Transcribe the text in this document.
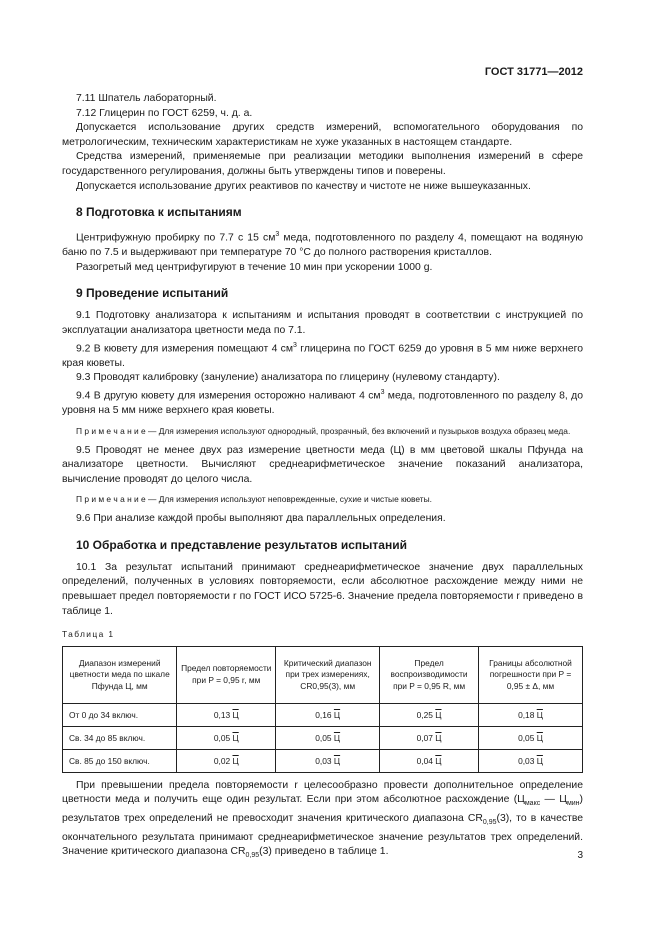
ГОСТ 31771—2012

7.11 Шпатель лабораторный.

7.12 Глицерин по ГОСТ 6259, ч. д. а.

Допускается использование других средств измерений, вспомогательного оборудования по метрологическим, техническим характеристикам не хуже указанных в настоящем стандарте.

Средства измерений, применяемые при реализации методики выполнения измерений в сфере государственного регулирования, должны быть утверждены типов и поверены.

Допускается использование других реактивов по качеству и чистоте не ниже вышеуказанных.

8 Подготовка к испытаниям

Центрифужную пробирку по 7.7 с 15 $см^3$ меда, подготовленного по разделу 4, помещают на водяную баню по 7.5 и выдерживают при температуре 70 °С до полного растворения кристаллов.

Разогретый мед центрифугируют в течение 10 мин при ускорении 1000 g.

9 Проведение испытаний

9.1 Подготовку анализатора к испытаниям и испытания проводят в соответствии с инструкцией по эксплуатации анализатора цветности меда по 7.1.

9.2 В кювету для измерения помещают 4 $см^3$ глицерина по ГОСТ 6259 до уровня в 5 мм ниже верхнего края кюветы.

9.3 Проводят калибровку (зануление) анализатора по глицерину (нулевому стандарту).

9.4 В другую кювету для измерения осторожно наливают 4 $см^3$ меда, подготовленного по разделу 8, до уровня на 5 мм ниже верхнего края кюветы.

П р и м е ч а н и е — Для измерения используют однородный, прозрачный, без включений и пузырьков воздуха образец меда.

9.5 Проводят не менее двух раз измерение цветности меда (Ц) в мм цветовой шкалы Пфунда на анализаторе цветности. Вычисляют среднеарифметическое значение показаний анализатора, вычисление проводят до целого числа.

П р и м е ч а н и е — Для измерения используют неповрежденные, сухие и чистые кюветы.

9.6 При анализе каждой пробы выполняют два параллельных определения.

10 Обработка и представление результатов испытаний

10.1 За результат испытаний принимают среднеарифметическое значение двух параллельных определений, полученных в условиях повторяемости, если абсолютное расхождение между ними не превышает предел повторяемости r по ГОСТ ИСО 5725-6. Значение предела повторяемости r приведено в таблице 1.

Таблица 1
Диапазон измерений цветности меда по шкале Пфунда Ц, мм	Предел повторяемости при P = 0,95 r, мм	Критический диапазон при трех измерениях, CR0,95(3), мм	Предел воспроизводимости при P = 0,95 R, мм	Границы абсолютной погрешности при P = 0,95 ± Δ, мм
От 0 до 34 включ.	0,13 Ц	0,16 Ц	0,25 Ц	0,18 Ц
Св. 34 до 85 включ.	0,05 Ц	0,05 Ц	0,07 Ц	0,05 Ц
Св. 85 до 150 включ.	0,02 Ц	0,03 Ц	0,04 Ц	0,03 Ц

При превышении предела повторяемости r целесообразно провести дополнительное определение цветности меда и получить еще один результат. Если при этом абсолютное расхождение ($Ц_{макс}$ — $Ц_{мин}$) результатов трех определений не превосходит значения критического диапазона $CR_{0,95}(3)$, то в качестве окончательного результата принимают среднеарифметическое значение результатов трех определений. Значение критического диапазона $CR_{0,95}(3)$ приведено в таблице 1.	3
